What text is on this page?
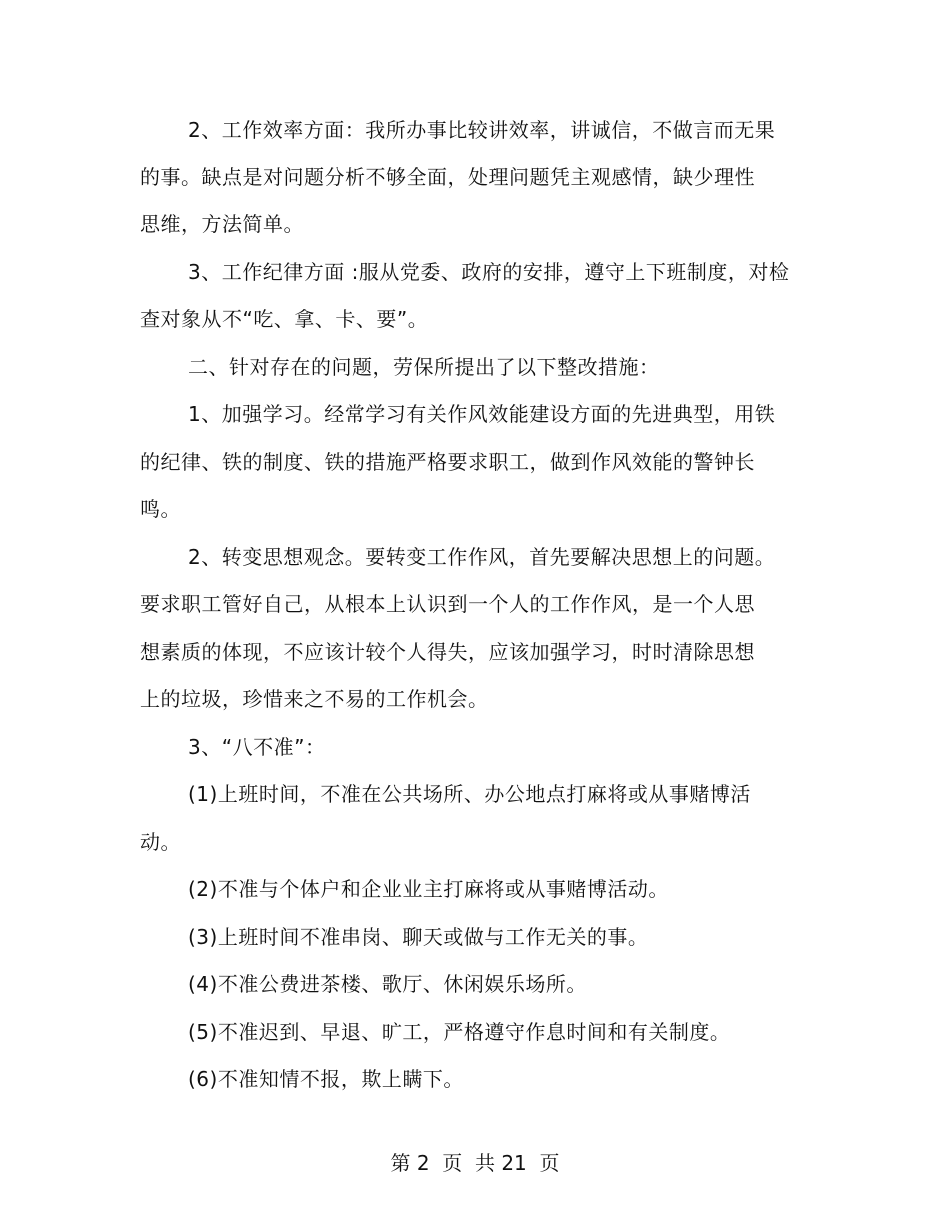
2、工作效率方面：我所办事比较讲效率，讲诚信，不做言而无果
的事。缺点是对问题分析不够全面，处理问题凭主观感情，缺少理性
思维，方法简单。
3、工作纪律方面 :服从党委、政府的安排，遵守上下班制度，对检
查对象从不“吃、拿、卡、要”。
二、针对存在的问题，劳保所提出了以下整改措施：
1、加强学习。经常学习有关作风效能建设方面的先进典型，用铁
的纪律、铁的制度、铁的措施严格要求职工，做到作风效能的警钟长
鸣。
2、转变思想观念。要转变工作作风，首先要解决思想上的问题。
要求职工管好自己，从根本上认识到一个人的工作作风，是一个人思
想素质的体现，不应该计较个人得失，应该加强学习，时时清除思想
上的垃圾，珍惜来之不易的工作机会。
3、“八不准”：
(1)上班时间，不准在公共场所、办公地点打麻将或从事赌博活
动。
(2)不准与个体户和企业业主打麻将或从事赌博活动。
(3)上班时间不准串岗、聊天或做与工作无关的事。
(4)不准公费进茶楼、歌厅、休闲娱乐场所。
(5)不准迟到、早退、旷工，严格遵守作息时间和有关制度。
(6)不准知情不报，欺上瞒下。
第 2  页  共 21  页
